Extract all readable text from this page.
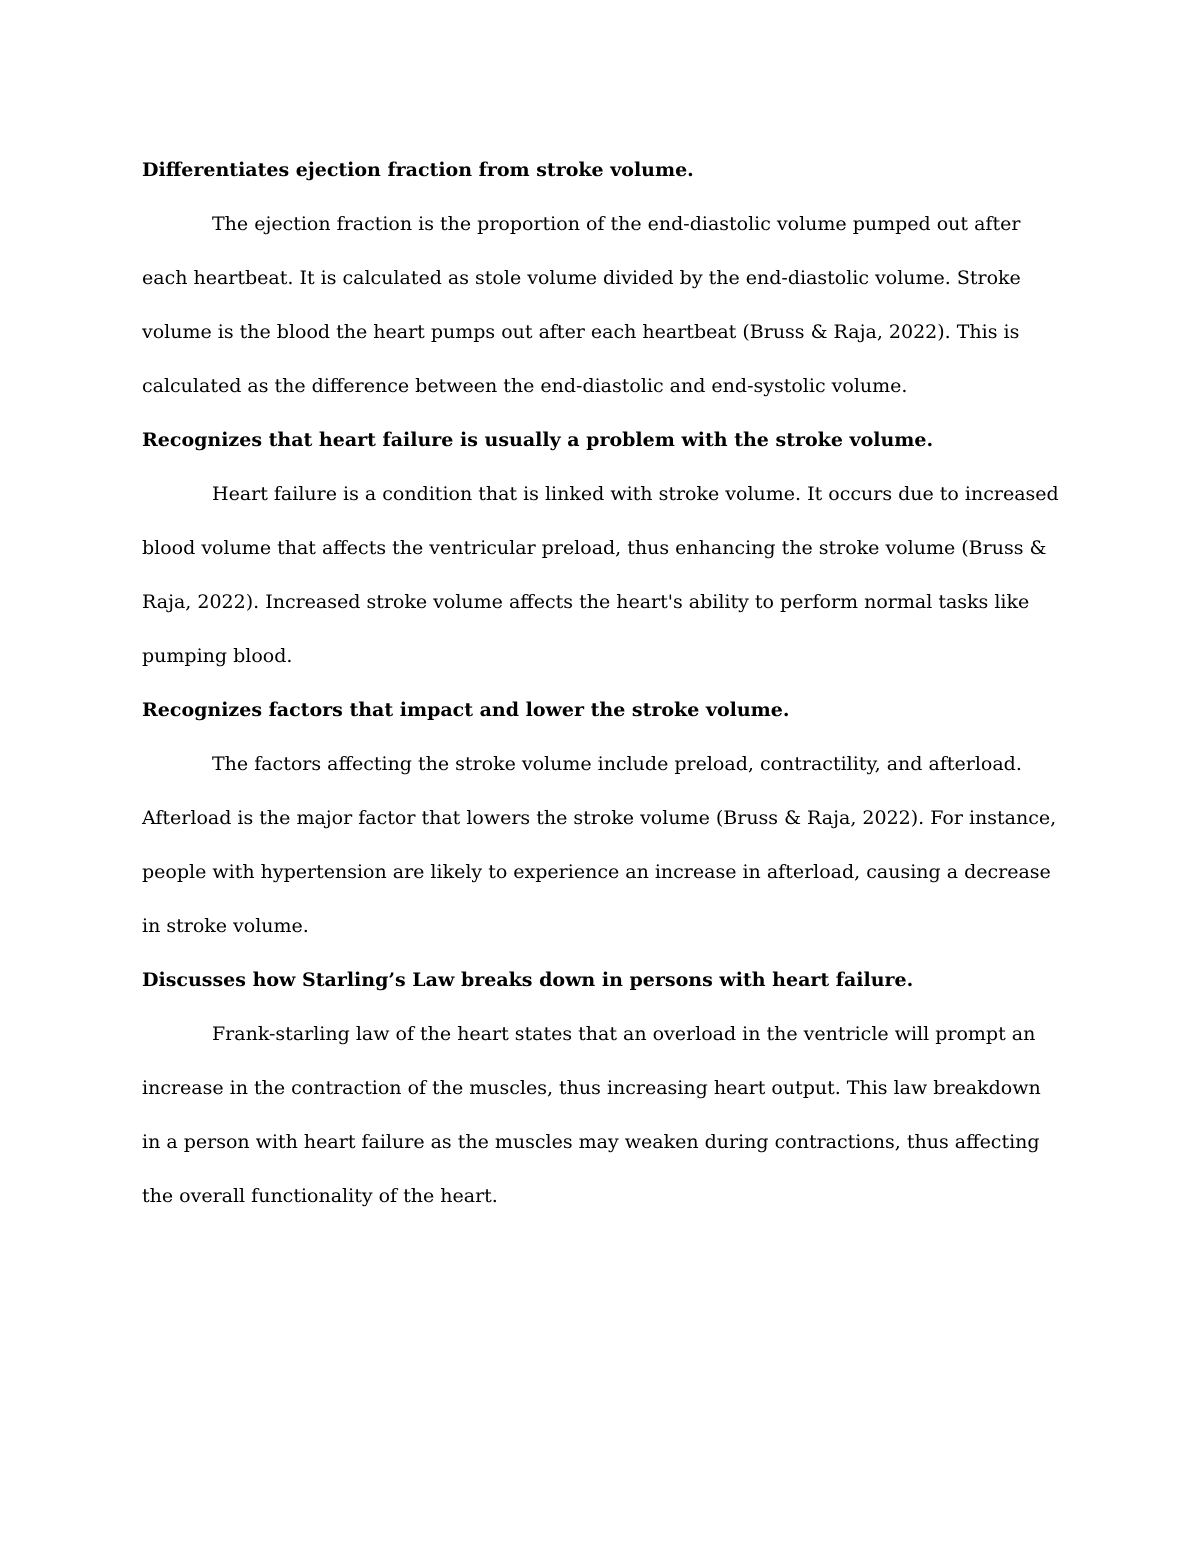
Differentiates ejection fraction from stroke volume.

The ejection fraction is the proportion of the end-diastolic volume pumped out after each heartbeat. It is calculated as stole volume divided by the end-diastolic volume. Stroke volume is the blood the heart pumps out after each heartbeat (Bruss & Raja, 2022). This is calculated as the difference between the end-diastolic and end-systolic volume.

Recognizes that heart failure is usually a problem with the stroke volume.

Heart failure is a condition that is linked with stroke volume. It occurs due to increased blood volume that affects the ventricular preload, thus enhancing the stroke volume (Bruss & Raja, 2022). Increased stroke volume affects the heart's ability to perform normal tasks like pumping blood.

Recognizes factors that impact and lower the stroke volume.

The factors affecting the stroke volume include preload, contractility, and afterload. Afterload is the major factor that lowers the stroke volume (Bruss & Raja, 2022). For instance, people with hypertension are likely to experience an increase in afterload, causing a decrease in stroke volume.

Discusses how Starling’s Law breaks down in persons with heart failure.

Frank-starling law of the heart states that an overload in the ventricle will prompt an increase in the contraction of the muscles, thus increasing heart output. This law breakdown in a person with heart failure as the muscles may weaken during contractions, thus affecting the overall functionality of the heart.
